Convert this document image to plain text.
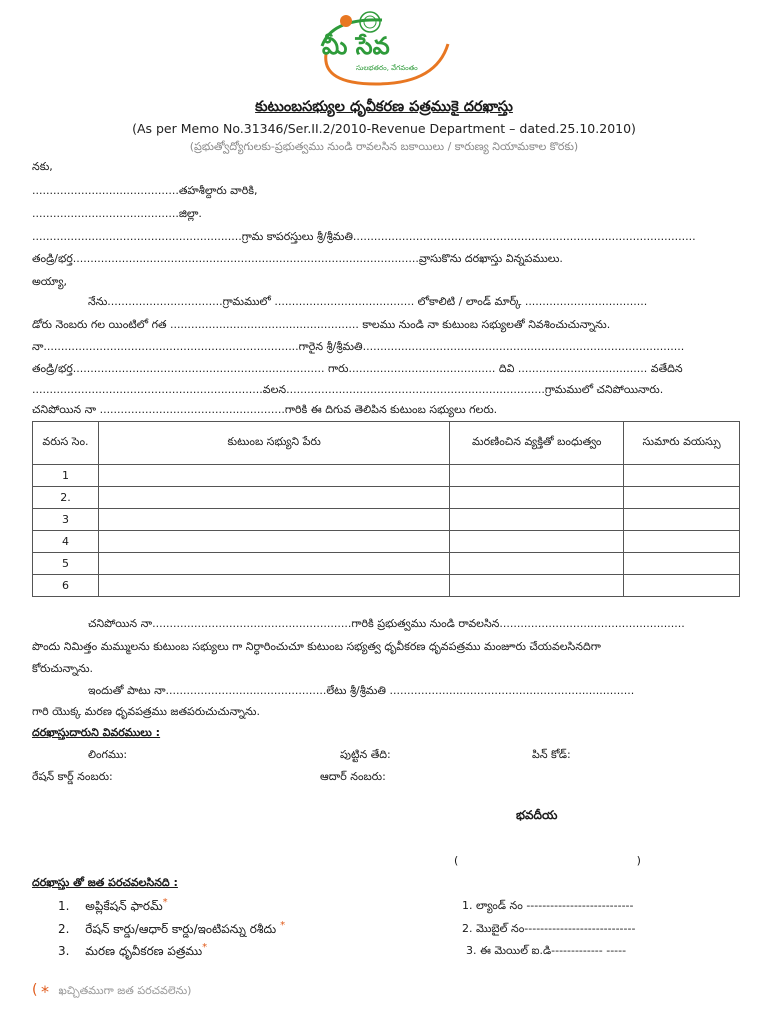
మీ సేవ
సులభతరం, వేగవంతం
కుటుంబసభ్యుల ధృవీకరణ పత్రముకై దరఖాస్తు
(As per Memo No.31346/Ser.II.2/2010-Revenue Department – dated.25.10.2010)
(ప్రభుత్వోద్యోగులకు-ప్రభుత్వము నుండి రావలసిన బకాయిలు / కారుణ్య నియామకాల కొరకు)
నకు,
..........................................తహశీల్దారు వారికి,
..........................................జిల్లా.
............................................................గ్రామ కాపరస్తులు శ్రీ/శ్రీమతి..................................................................................................
తండ్రి/భర్త...................................................................................................వ్రాసుకొను దరఖాస్తు విన్నపములు.
అయ్యా,
నేను.................................గ్రామములో ........................................ లోకాలిటి / లాండ్ మార్క్ ...................................
డోరు నెంబరు గల యింటిలో గత ...................................................... కాలము నుండి నా కుటుంబ సభ్యులతో నివశించుచున్నాను.
నా.........................................................................గారైన శ్రీ/శ్రీమతి............................................................................................
తండ్రి/భర్త........................................................................ గారు.......................................... దివి ..................................... వతేదిన
..................................................................వలన..........................................................................గ్రామములో చనిపోయినారు.
చనిపోయిన నా .....................................................గారికి ఈ దిగువ తెలిపిన కుటుంబ సభ్యులు గలరు.
వరుస సెం.	కుటుంబ సభ్యుని పేరు	మరణించిన వ్యక్తితో బంధుత్వం	సుమారు వయస్సు
1			
2.			
3			
4			
5			
6			
చనిపోయిన నా.........................................................గారికి ప్రభుత్వము నుండి రావలసిన.....................................................
పొందు నిమిత్తం మమ్ములను కుటుంబ సభ్యులు గా నిర్ధారించుచూ కుటుంబ సభ్యత్వ ధృవీకరణ ధృవపత్రము మంజూరు చేయవలసినదిగా
కోరుచున్నాను.
ఇందుతో పాటు నా..............................................లేటు శ్రీ/శ్రీమతి ......................................................................
గారి యొక్క మరణ ధృవపత్రము జతపరుచుచున్నాను.
దరఖాస్తుదారుని వివరములు :
లింగము:	పుట్టిన తేది:	పిన్ కోడ్:
రేషన్ కార్డ్ నంబరు:	ఆదార్ నంబరు:
భవదీయ
(                                                   )
దరఖాస్తు తో జత పరచవలసినది :
1. అప్లికేషన్ ఫారమ్*
2. రేషన్ కార్డు/ఆధార్ కార్డు/ఇంటిపన్ను రశీదు *
3. మరణ ధృవీకరణ పత్రము*
1. ల్యాండ్ నం ---------------------------
2. మొబైల్ నం----------------------------
3. ఈ మెయిల్ ఐ.డి------------- -----
( * ఖచ్చితముగా జత పరచవలెను)
